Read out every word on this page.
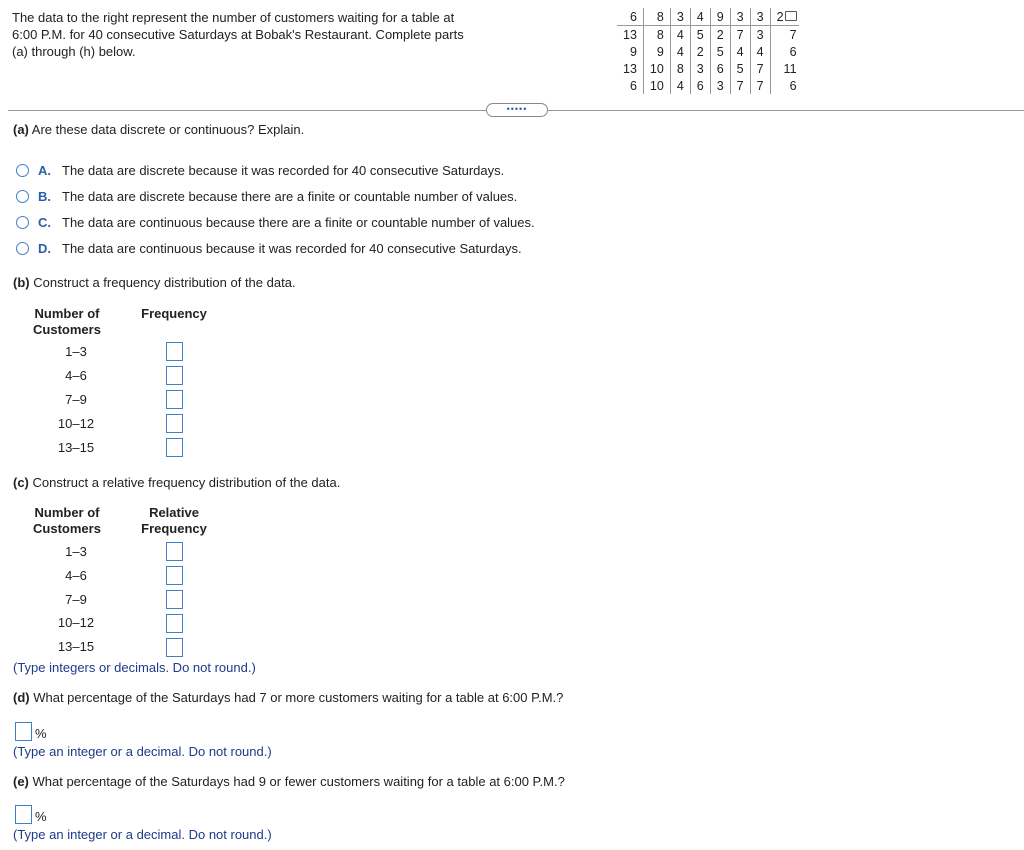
The data to the right represent the number of customers waiting for a table at
6:00 P.M. for 40 consecutive Saturdays at Bobak's Restaurant. Complete parts
(a) through (h) below.
6	8	3	4	9	3	3	2
13	8	4	5	2	7	3	7
9	9	4	2	5	4	4	6
13	10	8	3	6	5	7	11
6	10	4	6	3	7	7	6
•••••
(a) Are these data discrete or continuous? Explain.
A. The data are discrete because it was recorded for 40 consecutive Saturdays.
B. The data are discrete because there are a finite or countable number of values.
C. The data are continuous because there are a finite or countable number of values.
D. The data are continuous because it was recorded for 40 consecutive Saturdays.
(b) Construct a frequency distribution of the data.
Number of
Customers
Frequency
1–3
4–6
7–9
10–12
13–15
(c) Construct a relative frequency distribution of the data.
Number of
Customers
Relative
Frequency
1–3
4–6
7–9
10–12
13–15
(Type integers or decimals. Do not round.)
(d) What percentage of the Saturdays had 7 or more customers waiting for a table at 6:00 P.M.?
%
(Type an integer or a decimal. Do not round.)
(e) What percentage of the Saturdays had 9 or fewer customers waiting for a table at 6:00 P.M.?
%
(Type an integer or a decimal. Do not round.)
